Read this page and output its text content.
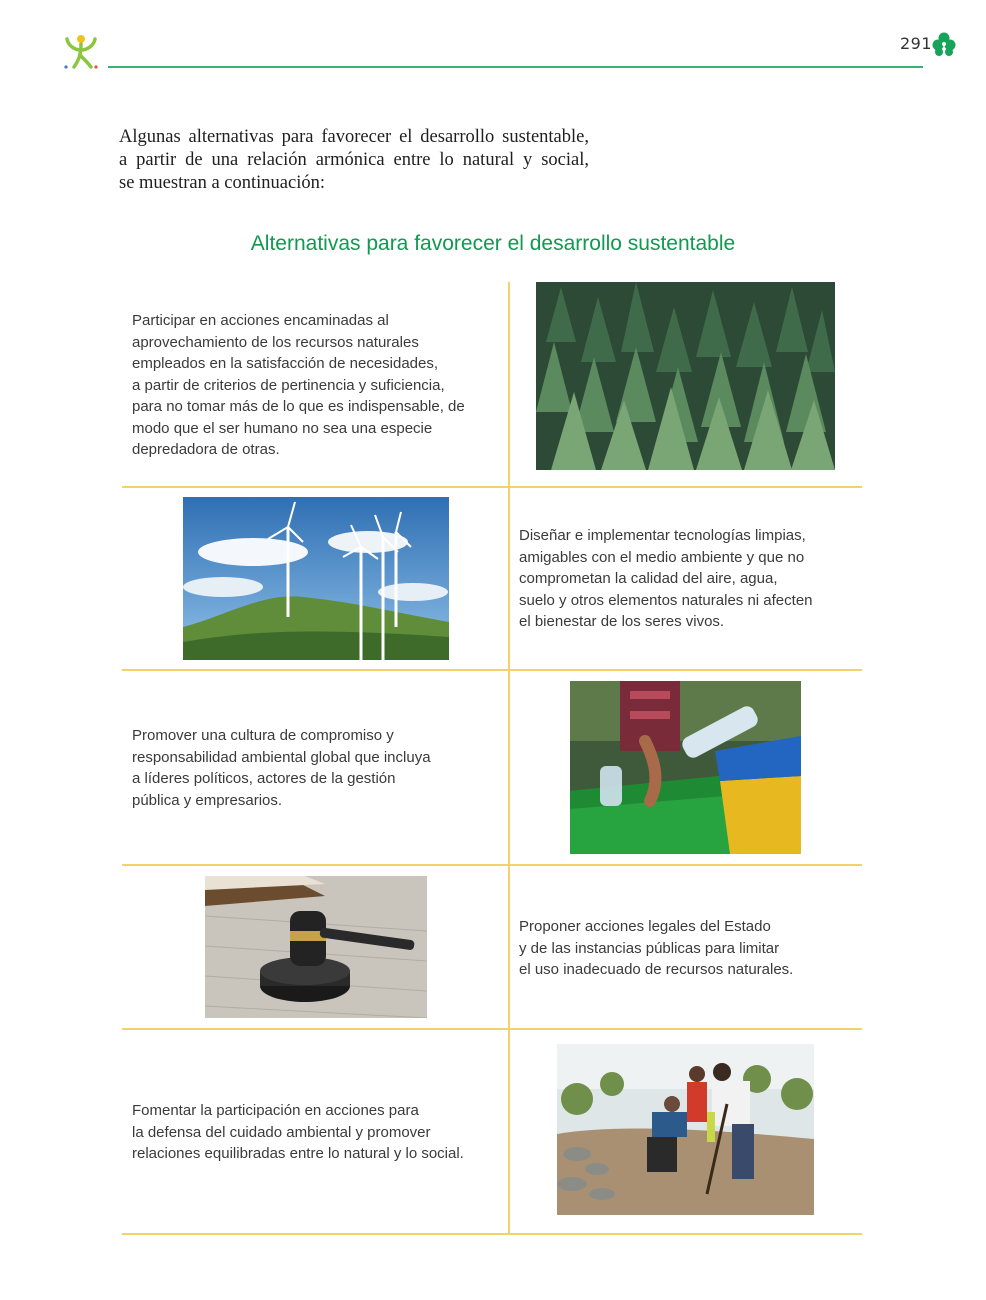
291

Algunas alternativas para favorecer el desarrollo sustentable,

a partir de una relación armónica entre lo natural y social,

se muestran a continuación:

Alternativas para favorecer el desarrollo sustentable

Participar en acciones encaminadas al

aprovechamiento de los recursos naturales

empleados en la satisfacción de necesidades,

a partir de criterios de pertinencia y suficiencia,

para no tomar más de lo que es indispensable, de

modo que el ser humano no sea una especie

depredadora de otras.

Diseñar e implementar tecnologías limpias,

amigables con el medio ambiente y que no

comprometan la calidad del aire, agua,

suelo y otros elementos naturales ni afecten

el bienestar de los seres vivos.

Promover una cultura de compromiso y

responsabilidad ambiental global que incluya

a líderes políticos, actores de la gestión

pública y empresarios.

Proponer acciones legales del Estado

y de las instancias públicas para limitar

el uso inadecuado de recursos naturales.

Fomentar la participación en acciones para

la defensa del cuidado ambiental y promover

relaciones equilibradas entre lo natural y lo social.
